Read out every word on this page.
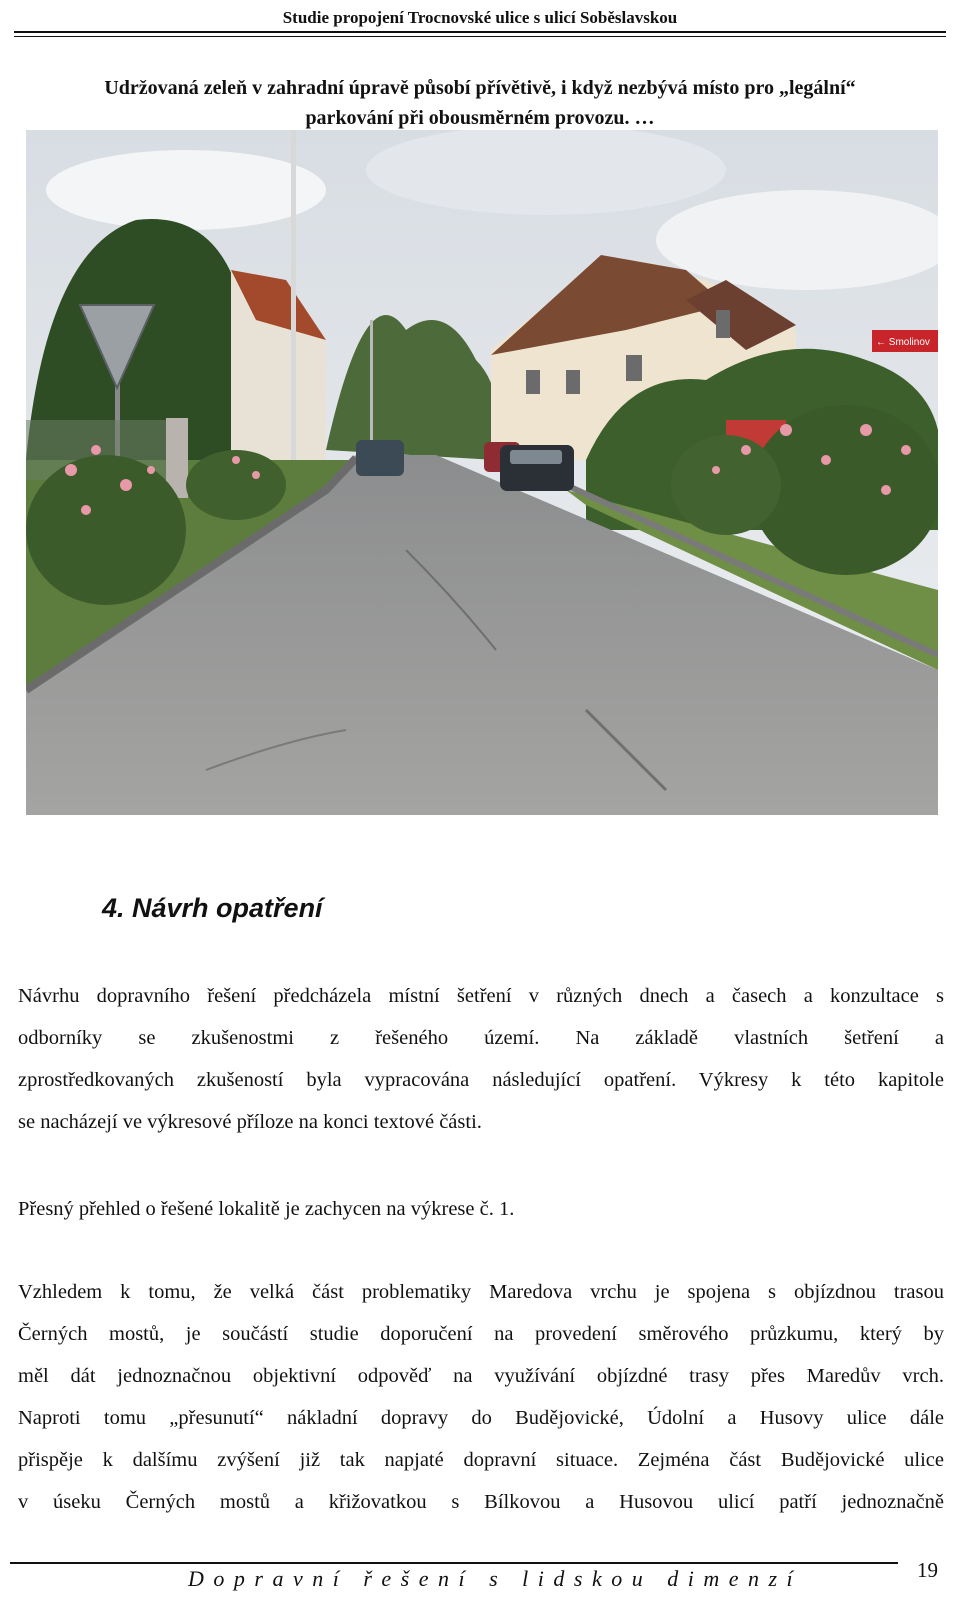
Studie propojení Trocnovské ulice s ulicí Soběslavskou
Udržovaná zeleň v zahradní úpravě působí přívětivě, i když nezbývá místo pro „legální“
parkování při obousměrném provozu. …
← Smolinov
4. Návrh opatření
Návrhu dopravního řešení předcházela místní šetření v různých dnech a časech a konzultace s
odborníky se zkušenostmi z řešeného území. Na základě vlastních šetření a
zprostředkovaných zkušeností byla vypracována následující opatření. Výkresy k této kapitole
se nacházejí ve výkresové příloze na konci textové části.
Přesný přehled o řešené lokalitě je zachycen na výkrese č. 1.
Vzhledem k tomu, že velká část problematiky Maredova vrchu je spojena s objízdnou trasou
Černých mostů, je součástí studie doporučení na provedení směrového průzkumu, který by
měl dát jednoznačnou objektivní odpověď na využívání objízdné trasy přes Maredův vrch.
Naproti tomu „přesunutí“ nákladní dopravy do Budějovické, Údolní a Husovy ulice dále
přispěje k dalšímu zvýšení již tak napjaté dopravní situace. Zejména část Budějovické ulice
v úseku Černých mostů a křižovatkou s Bílkovou a Husovou ulicí patří jednoznačně
Dopravní řešení s lidskou dimenzí	19
